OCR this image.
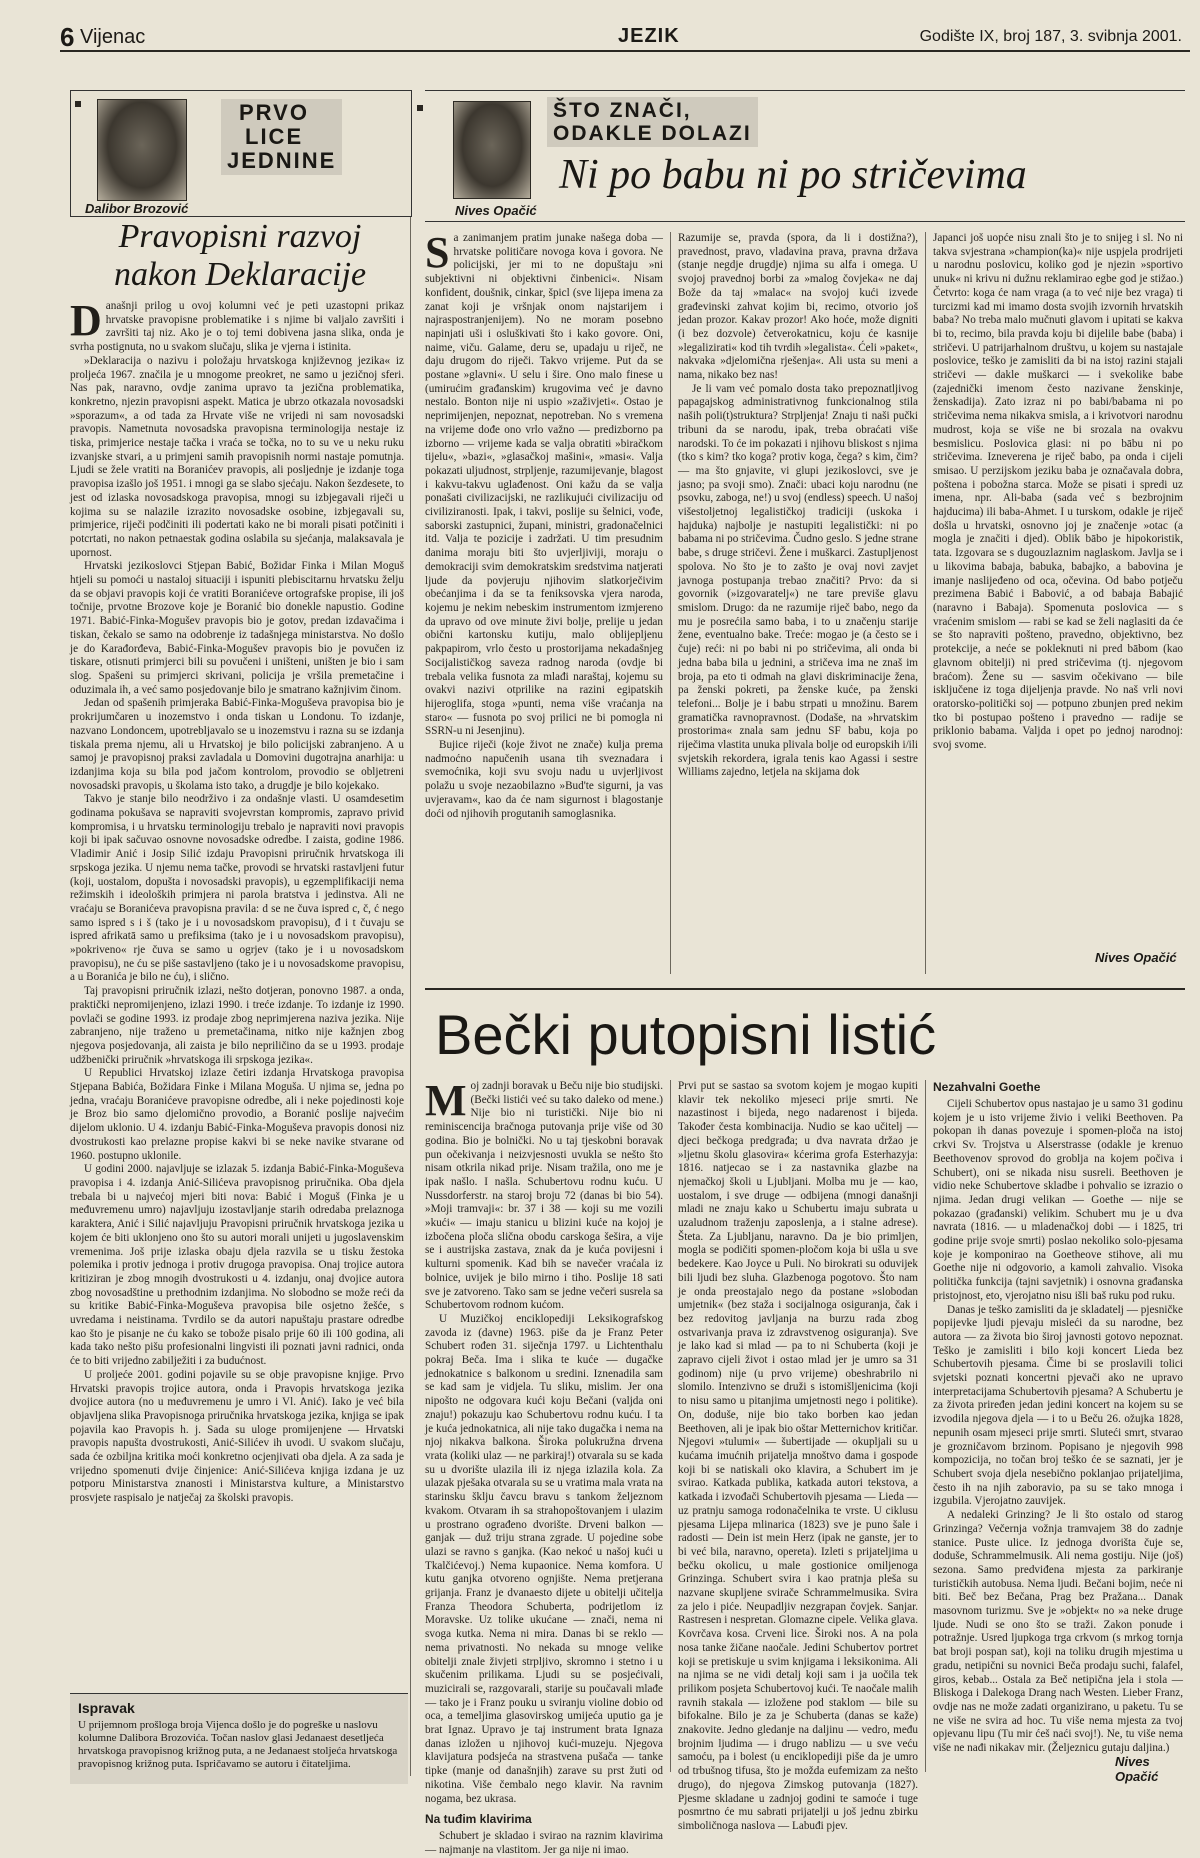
6 Vijenac	JEZIK	Godište IX, broj 187, 3. svibnja 2001.
PRVO
LICE
JEDNINE
Dalibor Brozović
Pravopisni razvoj
nakon Deklaracije
D anašnji prilog u ovoj kolumni već je peti uzastopni prikaz hrvatske pravopisne problematike i s njime bi valjalo završiti i završiti taj niz. Ako je o toj temi dobivena jasna slika, onda je svrha postignuta, no u svakom slučaju, slika je vjerna i istinita.

»Deklaracija o nazivu i položaju hrvatskoga književnog jezika« iz proljeća 1967. značila je u mnogome preokret, ne samo u jezičnoj sferi. Nas pak, naravno, ovdje zanima upravo ta jezična problematika, konkretno, njezin pravopisni aspekt. Matica je ubrzo otkazala novosadski »sporazum«, a od tada za Hrvate više ne vrijedi ni sam novosadski pravopis. Nametnuta novosadska pravopisna terminologija nestaje iz tiska, primjerice nestaje tačka i vraća se točka, no to su ve u neku ruku izvanjske stvari, a u primjeni samih pravopisnih normi nastaje pomutnja. Ljudi se žele vratiti na Boranićev pravopis, ali posljednje je izdanje toga pravopisa izašlo još 1951. i mnogi ga se slabo sjećaju. Nakon šezdesete, to jest od izlaska novosadskoga pravopisa, mnogi su izbjegavali riječi u kojima su se nalazile izrazito novosadske osobine, izbjegavali su, primjerice, riječi podčiniti ili podertati kako ne bi morali pisati potčiniti i potcrtati, no nakon petnaestak godina oslabila su sjećanja, malaksavala je upornost.

Hrvatski jezikoslovci Stjepan Babić, Božidar Finka i Milan Moguš htjeli su pomoći u nastaloj situaciji i ispuniti plebiscitarnu hrvatsku želju da se objavi pravopis koji će vratiti Boranićeve ortografske propise, ili još točnije, prvotne Brozove koje je Boranić bio donekle napustio. Godine 1971. Babić-Finka-Mogušev pravopis bio je gotov, predan izdavačima i tiskan, čekalo se samo na odobrenje iz tadašnjega ministarstva. No došlo je do Karađorđeva, Babić-Finka-Mogušev pravopis bio je povučen iz tiskare, otisnuti primjerci bili su povučeni i uništeni, uništen je bio i sam slog. Spašeni su primjerci skrivani, policija je vršila premetačine i oduzimala ih, a već samo posjedovanje bilo je smatrano kažnjivim činom.

Jedan od spašenih primjeraka Babić-Finka-Moguševa pravopisa bio je prokrijumčaren u inozemstvo i onda tiskan u Londonu. To izdanje, nazvano Londoncem, upotrebljavalo se u inozemstvu i razna su se izdanja tiskala prema njemu, ali u Hrvatskoj je bilo policijski zabranjeno. A u samoj je pravopisnoj praksi zavladala u Domovini dugotrajna anarhija: u izdanjima koja su bila pod jačom kontrolom, provodio se obljetreni novosadski pravopis, u školama isto tako, a drugdje je bilo kojekako.

Takvo je stanje bilo neodrživo i za ondašnje vlasti. U osamdesetim godinama pokušava se napraviti svojevrstan kompromis, zapravo privid kompromisa, i u hrvatsku terminologiju trebalo je napraviti novi pravopis koji bi ipak sačuvao osnovne novosadske odredbe. I zaista, godine 1986. Vladimir Anić i Josip Silić izdaju Pravopisni priručnik hrvatskoga ili srpskoga jezika. U njemu nema tačke, provodi se hrvatski rastavljeni futur (koji, uostalom, dopušta i novosadski pravopis), u egzemplifikaciji nema režimskih i ideoloških primjera ni parola bratstva i jedinstva. Ali ne vraćaju se Boranićeva pravopisna pravila: d se ne čuva ispred c, č, ć nego samo ispred s i š (tako je i u novosadskom pravopisu), đ i t čuvaju se ispred afrikatā samo u prefiksima (tako je i u novosadskom pravopisu), »pokriveno« rje čuva se samo u ogrjev (tako je i u novosadskom pravopisu), ne ću se piše sastavljeno (tako je i u novosadskome pravopisu, a u Boranića je bilo ne ću), i slično.

Taj pravopisni priručnik izlazi, nešto dotjeran, ponovno 1987. a onda, praktički nepromijenjeno, izlazi 1990. i treće izdanje. To izdanje iz 1990. povlači se godine 1993. iz prodaje zbog neprimjerena naziva jezika. Nije zabranjeno, nije traženo u premetačinama, nitko nije kažnjen zbog njegova posjedovanja, ali zaista je bilo nepriličino da se u 1993. prodaje udžbenički priručnik »hrvatskoga ili srpskoga jezika«.

U Republici Hrvatskoj izlaze četiri izdanja Hrvatskoga pravopisa Stjepana Babića, Božidara Finke i Milana Moguša. U njima se, jedna po jedna, vraćaju Boranićeve pravopisne odredbe, ali i neke pojedinosti koje je Broz bio samo djelomično provodio, a Boranić poslije najvećim dijelom uklonio. U 4. izdanju Babić-Finka-Moguševa pravopis donosi niz dvostrukosti kao prelazne propise kakvi bi se neke navike stvarane od 1960. postupno uklonile.

U godini 2000. najavljuje se izlazak 5. izdanja Babić-Finka-Moguševa pravopisa i 4. izdanja Anić-Silićeva pravopisnog priručnika. Oba djela trebala bi u najvećoj mjeri biti nova: Babić i Moguš (Finka je u međuvremenu umro) najavljuju izostavljanje starih odredaba prelaznoga karaktera, Anić i Silić najavljuju Pravopisni priručnik hrvatskoga jezika u kojem će biti uklonjeno ono što su autori morali unijeti u jugoslavenskim vremenima. Još prije izlaska obaju djela razvila se u tisku žestoka polemika i protiv jednoga i protiv drugoga pravopisa. Onaj trojice autora kritiziran je zbog mnogih dvostrukosti u 4. izdanju, onaj dvojice autora zbog novosadštine u prethodnim izdanjima. No slobodno se može reći da su kritike Babić-Finka-Moguševa pravopisa bile osjetno žešće, s uvredama i neistinama. Tvrdilo se da autori napuštaju prastare odredbe kao što je pisanje ne ću kako se tobože pisalo prije 60 ili 100 godina, ali kada tako nešto pišu profesionalni lingvisti ili poznati javni radnici, onda će to biti vrijedno zabilježiti i za budućnost.

U proljeće 2001. godini pojavile su se obje pravopisne knjige. Prvo Hrvatski pravopis trojice autora, onda i Pravopis hrvatskoga jezika dvojice autora (no u međuvremenu je umro i Vl. Anić). Iako je već bila objavljena slika Pravopisnoga priručnika hrvatskoga jezika, knjiga se ipak pojavila kao Pravopis h. j. Sada su uloge promijenjene — Hrvatski pravopis napušta dvostrukosti, Anić-Silićev ih uvodi. U svakom slučaju, sada će ozbiljna kritika moći konkretno ocjenjivati oba djela. A za sada je vrijedno spomenuti dvije činjenice: Anić-Silićeva knjiga izdana je uz potporu Ministarstva znanosti i Ministarstva kulture, a Ministarstvo prosvjete raspisalo je natječaj za školski pravopis.

Ispravak
U prijemnom prošloga broja Vijenca došlo je do pogreške u naslovu kolumne Dalibora Brozovića. Točan naslov glasi Jedanaest desetljeća hrvatskoga pravopisnog križnog puta, a ne Jedanaest stoljeća hrvatskoga pravopisnog križnog puta. Ispričavamo se autoru i čitateljima.
ŠTO ZNAČI,
ODAKLE DOLAZI
Nives Opačić
Ni po babu ni po stričevima
S a zanimanjem pratim junake našega doba — hrvatske političare novoga kova i govora. Ne policijski, jer mi to ne dopuštaju »ni subjektivni ni objektivni činbenici«. Nisam konfident, doušnik, cinkar, špicl (sve lijepa imena za zanat koji je vršnjak onom najstarijem i najraspostranjenijem). No ne moram posebno napinjati uši i osluškivati što i kako govore. Oni, naime, viču. Galame, deru se, upadaju u riječ, ne daju drugom do riječi. Takvo vrijeme. Put da se postane »glavni«. U selu i šire. Ono malo finese u (umirućim građanskim) krugovima već je davno nestalo. Bonton nije ni uspio »zaživjeti«. Ostao je neprimijenjen, nepoznat, nepotreban. No s vremena na vrijeme dođe ono vrlo važno — predizborno pa izborno — vrijeme kada se valja obratiti »biračkom tijelu«, »bazi«, »glasačkoj mašini«, »masi«. Valja pokazati uljudnost, strpljenje, razumijevanje, blagost i kakvu-takvu uglađenost. Oni kažu da se valja ponašati civilizacijski, ne razlikujući civilizaciju od civiliziranosti. Ipak, i takvi, poslije su šelnici, vođe, saborski zastupnici, župani, ministri, gradonačelnici itd. Valja te pozicije i zadržati. U tim presudnim danima moraju biti što uvjerljiviji, moraju o demokraciji svim demokratskim sredstvima natjerati ljude da povjeruju njihovim slatkorječivim obećanjima i da se ta feniksovska vjera naroda, kojemu je nekim nebeskim instrumentom izmjereno da upravo od ove minute živi bolje, prelije u jedan obični kartonsku kutiju, malo oblijepljenu pakpapirom, vrlo često u prostorijama nekadašnjeg Socijalističkog saveza radnog naroda (ovdje bi trebala velika fusnota za mlađi naraštaj, kojemu su ovakvi nazivi otprilike na razini egipatskih hijeroglifa, stoga »punti, nema više vraćanja na staro« — fusnota po svoj prilici ne bi pomogla ni SSRN-u ni Jesenjinu).

Bujice riječi (koje život ne znače) kulja prema nadmoćno napučenih usana tih sveznadara i svemoćnika, koji svu svoju nadu u uvjerljivost polažu u svoje nezaobilazno »Bud'te sigurni, ja vas uvjeravam«, kao da će nam sigurnost i blagostanje doći od njihovih progutanih samoglasnika.

Razumije se, pravda (spora, da li i dostižna?), pravednost, pravo, vladavina prava, pravna država (stanje negdje drugdje) njima su alfa i omega. U svojoj pravednoj borbi za »malog čovjeka« ne daj Bože da taj »malac« na svojoj kući izvede građevinski zahvat kojim bi, recimo, otvorio još jedan prozor. Kakav prozor! Ako hoće, može digniti (i bez dozvole) četverokatnicu, koju će kasnije »legalizirati« kod tih tvrdih »legalista«. Ćeli »paket«, nakvaka »djelomična rješenja«. Ali usta su meni a nama, nikako bez nas!

Je li vam već pomalo dosta tako prepoznatljivog papagajskog administrativnog funkcionalnog stila naših poli(t)struktura? Strpljenja! Znaju ti naši pučki tribuni da se narodu, ipak, treba obraćati više narodski. To će im pokazati i njihovu bliskost s njima (tko s kim? tko koga? protiv koga, čega? s kim, čim? — ma što gnjavite, vi glupi jezikoslovci, sve je jasno; pa svoji smo). Znači: ubaci koju narodnu (ne psovku, zaboga, ne!) u svoj (endless) speech. U našoj višestoljetnoj legalističkoj tradiciji (uskoka i hajduka) najbolje je nastupiti legalistički: ni po babama ni po stričevima. Čudno geslo. S jedne strane babe, s druge stričevi. Žene i muškarci. Zastupljenost spolova. No što je to zašto je ovaj novi zavjet javnoga postupanja trebao značiti? Prvo: da si govornik (»izgovaratelj«) ne tare previše glavu smislom. Drugo: da ne razumije riječ babo, nego da mu je posrećila samo baba, i to u značenju starije žene, eventualno bake. Treće: mogao je (a često se i čuje) reći: ni po babi ni po stričevima, ali onda bi jedna baba bila u jednini, a stričeva ima ne znaš im broja, pa eto ti odmah na glavi diskriminacije žena, pa ženski pokreti, pa ženske kuće, pa ženski telefoni... Bolje je i babu strpati u množinu. Barem gramatička ravnopravnost. (Dodaše, na »hrvatskim prostorima« znala sam jednu SF babu, koja po riječima vlastita unuka plivala bolje od europskih i/ili svjetskih rekordera, igrala tenis kao Agassi i sestre Williams zajedno, letjela na skijama dok

Japanci još uopće nisu znali što je to snijeg i sl. No ni takva svjestrana »champion(ka)« nije uspjela prodrijeti u narodnu poslovicu, koliko god je njezin »sportivo unuk« ni krivu ni dužnu reklamirao egbe god je stižao.) Četvrto: koga će nam vraga (a to već nije bez vraga) ti turcizmi kad mi imamo dosta svojih izvornih hrvatskih baba? No treba malo mučnuti glavom i upitati se kakva bi to, recimo, bila pravda koju bi dijelile babe (baba) i stričevi. U patrijarhalnom društvu, u kojem su nastajale poslovice, teško je zamisliti da bi na istoj razini stajali stričevi — dakle muškarci — i svekolike babe (zajednički imenom često nazivane ženskinje, ženskadija). Zato izraz ni po babi/babama ni po stričevima nema nikakva smisla, a i krivotvori narodnu mudrost, koja se više ne bi srozala na ovakvu besmislicu. Poslovica glasi: ni po bābu ni po stričevima. Izneverena je riječ babo, pa onda i cijeli smisao. U perzijskom jeziku baba je označavala dobra, poštena i pobožna starca. Može se pisati i spredi uz imena, npr. Ali-baba (sada već s bezbrojnim hajducima) ili baba-Ahmet. I u turskom, odakle je riječ došla u hrvatski, osnovno joj je značenje »otac (a mogla je značiti i djed). Oblik bābo je hipokoristik, tata. Izgovara se s dugouzlaznim naglaskom. Javlja se i u likovima babaja, babuka, babajko, a babovina je imanje naslijeđeno od oca, očevina. Od babo potječu prezimena Babić i Babović, a od babaja Babajić (naravno i Babaja). Spomenuta poslovica — s vraćenim smislom — rabi se kad se želi naglasiti da će se što napraviti pošteno, pravedno, objektivno, bez protekcije, a neće se pokleknuti ni pred bābom (kao glavnom obitelji) ni pred stričevima (tj. njegovom braćom). Žene su — sasvim očekivano — bile isključene iz toga dijeljenja pravde. No naš vrli novi oratorsko-politički soj — potpuno zbunjen pred nekim tko bi postupao pošteno i pravedno — radije se priklonio babama. Valjda i opet po jednoj narodnoj: svoj svome.

Nives Opačić
Bečki putopisni listić
M oj zadnji boravak u Beču nije bio studijski. (Bečki listići već su tako daleko od mene.) Nije bio ni turistički. Nije bio ni reminiscencija bračnoga putovanja prije više od 30 godina. Bio je bolnički. No u taj tjeskobni boravak pun očekivanja i neizvjesnosti uvukla se nešto što nisam otkrila nikad prije. Nisam tražila, ono me je ipak našlo. I našla. Schubertovu rodnu kuću. U Nussdorferstr. na staroj broju 72 (danas bi bio 54). »Moji tramvaji«: br. 37 i 38 — koji su me vozili »kući« — imaju stanicu u blizini kuće na kojoj je izbočena ploča slična obodu carskoga šešira, a vije se i austrijska zastava, znak da je kuća povijesni i kulturni spomenik. Kad bih se navečer vraćala iz bolnice, uvijek je bilo mirno i tiho. Poslije 18 sati sve je zatvoreno. Tako sam se jedne večeri susrela sa Schubertovom rodnom kućom.

U Muzičkoj enciklopediji Leksikografskog zavoda iz (davne) 1963. piše da je Franz Peter Schubert rođen 31. siječnja 1797. u Lichtenthalu pokraj Beča. Ima i slika te kuće — dugačke jednokatnice s balkonom u sredini. Iznenadila sam se kad sam je vidjela. Tu sliku, mislim. Jer ona nipošto ne odgovara kući koju Bečani (valjda oni znaju!) pokazuju kao Schubertovu rodnu kuću. I ta je kuća jednokatnica, ali nije tako dugačka i nema na njoj nikakva balkona. Široka polukružna drvena vrata (koliki ulaz — ne parkiraj!) otvarala su se kada su u dvorište ulazila ili iz njega izlazila kola. Za ulazak pješaka otvarala su se u vratima mala vrata na starinsku šklju čavcu bravu s tankom željeznom kvakom. Otvaram ih sa strahopoštovanjem i ulazim u prostrano ograđeno dvorište. Drveni balkon — ganjak — duž triju strana zgrade. U pojedine sobe ulazi se ravno s ganjka. (Kao nekoć u našoj kući u Tkalčićevoj.) Nema kupaonice. Nema komfora. U kutu ganjka otvoreno ognjište. Nema pretjerana grijanja. Franz je dvanaesto dijete u obitelji učitelja Franza Theodora Schuberta, podrijetlom iz Moravske. Uz tolike ukućane — znači, nema ni svoga kutka. Nema ni mira. Danas bi se reklo — nema privatnosti. No nekada su mnoge velike obitelji znale živjeti strpljivo, skromno i stetno i u skučenim prilikama. Ljudi su se posjećivali, muzicirali se, razgovarali, starije su poučavali mlađe — tako je i Franz pouku u sviranju violine dobio od oca, a temeljima glasovirskog umijeća uputio ga je brat Ignaz. Upravo je taj instrument brata Ignaza danas izložen u njihovoj kući-muzeju. Njegova klavijatura podsjeća na strastvena pušača — tanke tipke (manje od današnjih) zarave su prst žuti od nikotina. Više čembalo nego klavir. Na ravnim nogama, bez ukrasa.

Na tuđim klavirima

Schubert je skladao i svirao na raznim klavirima — najmanje na vlastitom. Jer ga nije ni imao.

Prvi put se sastao sa svotom kojem je mogao kupiti klavir tek nekoliko mjeseci prije smrti. Ne nazastinost i bijeda, nego nadarenost i bijeda. Također česta kombinacija. Nudio se kao učitelj — djeci bečkoga predgrađa; u dva navrata držao je »ljetnu školu glasovira« kćerima grofa Esterhazyja: 1816. natjecao se i za nastavnika glazbe na njemačkoj školi u Ljubljani. Molba mu je — kao, uostalom, i sve druge — odbijena (mnogi današnji mladi ne znaju kako u Schubertu imaju subrata u uzaludnom traženju zaposlenja, a i stalne adrese). Šteta. Za Ljubljanu, naravno. Da je bio primljen, mogla se podičiti spomen-pločom koja bi ušla u sve bedekere. Kao Joyce u Puli. No birokrati su oduvijek bili ljudi bez sluha. Glazbenoga pogotovo. Što nam je onda preostajalo nego da postane »slobodan umjetnik« (bez staža i socijalnoga osiguranja, čak i bez redovitog javljanja na burzu rada zbog ostvarivanja prava iz zdravstvenog osiguranja). Sve je lako kad si mlad — pa to ni Schuberta (koji je zapravo cijeli život i ostao mlad jer je umro sa 31 godinom) nije (u prvo vrijeme) obeshrabrilo ni slomilo. Intenzivno se druži s istomišljenicima (koji to nisu samo u pitanjima umjetnosti nego i politike). On, doduše, nije bio tako borben kao jedan Beethoven, ali je ipak bio oštar Metternichov kritičar. Njegovi »tulumi« — šubertijade — okupljali su u kućama imućnih prijatelja mnoštvo dama i gospode koji bi se natiskali oko klavira, a Schubert im je svirao. Katkada publika, katkada autori tekstova, a katkada i izvođači Schubertovih pjesama — Lieda — uz pratnju samoga rodonačelnika te vrste. U ciklusu pjesama Lijepa mlinarica (1823) sve je puno šale i radosti — Dein ist mein Herz (ipak ne ganste, jer to bi već bila, naravno, opereta). Izleti s prijateljima u bečku okolicu, u male gostionice omiljenoga Grinzinga. Schubert svira i kao pratnja pleša su nazvane skupljene svirače Schrammelmusika. Svira za jelo i piće. Neupadljiv nezgrapan čovjek. Sanjar. Rastresen i nespretan. Glomazne cipele. Velika glava. Kovrčava kosa. Crveni lice. Široki nos. A na pola nosa tanke žičane naočale. Jedini Schubertov portret koji se pretiskuje u svim knjigama i leksikonima. Ali na njima se ne vidi detalj koji sam i ja uočila tek prilikom posjeta Schubertovoj kući. Te naočale malih ravnih stakala — izložene pod staklom — bile su bifokalne. Bilo je za je Schuberta (danas se kaže) znakovite. Jedno gledanje na daljinu — vedro, među brojnim ljudima — i drugo nablizu — u sve veću samoću, pa i bolest (u enciklopediji piše da je umro od trbušnog tifusa, što je možda eufemizam za nešto drugo), do njegova Zimskog putovanja (1827). Pjesme skladane u zadnjoj godini te samoće i tuge posmrtno će mu sabrati prijatelji u još jednu zbirku simboličnoga naslova — Labuđi pjev.

Nezahvalni Goethe

Cijeli Schubertov opus nastajao je u samo 31 godinu kojem je u isto vrijeme živio i veliki Beethoven. Pa pokopan ih danas povezuje i spomen-ploča na istoj crkvi Sv. Trojstva u Alserstrasse (odakle je krenuo Beethovenov sprovod do groblja na kojem počiva i Schubert), oni se nikada nisu susreli. Beethoven je vidio neke Schubertove skladbe i pohvalio se izrazio o njima. Jedan drugi velikan — Goethe — nije se pokazao (građanski) velikim. Schubert mu je u dva navrata (1816. — u mladenačkoj dobi — i 1825, tri godine prije svoje smrti) poslao nekoliko solo-pjesama koje je komponirao na Goetheove stihove, ali mu Goethe nije ni odgovorio, a kamoli zahvalio. Visoka politička funkcija (tajni savjetnik) i osnovna građanska pristojnost, eto, vjerojatno nisu išli baš ruku pod ruku.

Danas je teško zamisliti da je skladatelj — pjesničke popijevke ljudi pjevaju misleći da su narodne, bez autora — za života bio široj javnosti gotovo nepoznat. Teško je zamisliti i bilo koji koncert Lieda bez Schubertovih pjesama. Čime bi se proslavili tolici svjetski poznati koncertni pjevači ako ne upravo interpretacijama Schubertovih pjesama? A Schubertu je za života priređen jedan jedini koncert na kojem su se izvodila njegova djela — i to u Beču 26. ožujka 1828, nepunih osam mjeseci prije smrti. Sluteći smrt, stvarao je grozničavom brzinom. Popisano je njegovih 998 kompozicija, no točan broj teško će se saznati, jer je Schubert svoja djela nesebično poklanjao prijateljima, često ih na njih zaboravio, pa su se tako mnoga i izgubila. Vjerojatno zauvijek.

A nedaleki Grinzing? Je li što ostalo od starog Grinzinga? Večernja vožnja tramvajem 38 do zadnje stanice. Puste ulice. Iz jednoga dvorišta čuje se, doduše, Schrammelmusik. Ali nema gostiju. Nije (još) sezona. Samo predviđena mjesta za parkiranje turističkih autobusa. Nema ljudi. Bečani bojim, neće ni biti. Beč bez Bečana, Prag bez Pražana... Danak masovnom turizmu. Sve je »objekt« no »a neke druge ljude. Nudi se ono što se traži. Zakon ponude i potražnje. Usred ljupkoga trga crkvom (s mrkog tornja bat broji pospan sat), koji na toliku drugih mjestima u gradu, netipični su novnici Beča prodaju suchi, falafel, giros, kebab... Ostala za Beč netipična jela i stola — Bliskoga i Dalekoga Drang nach Westen. Lieber Franz, ovdje nas ne može zadati organizirano, u paketu. Tu se ne više ne svira ad hoc. Tu više nema mjesta za tvoj opjevanu lipu (Tu mir ćeš naći svoj!). Ne, tu više nema više ne nađi nikakav mir. (Željeznicu gutaju daljina.)

Nives Opačić
